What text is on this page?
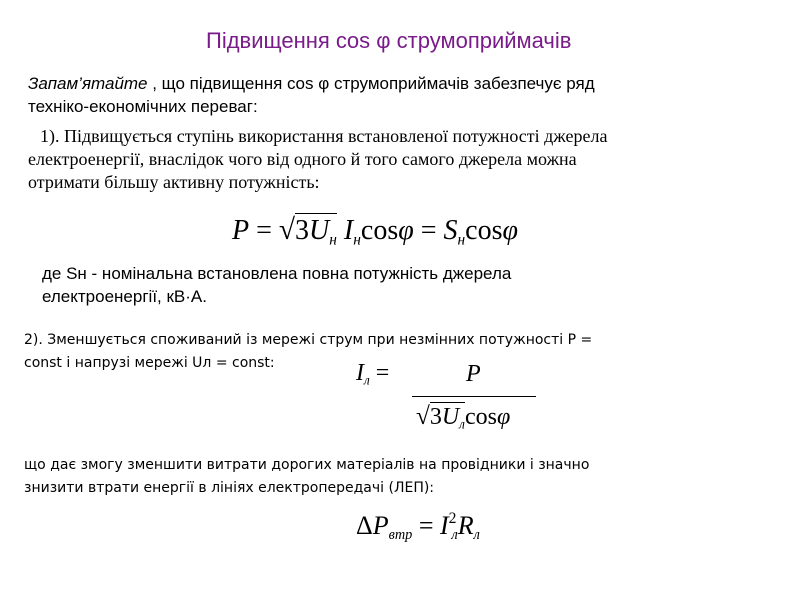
Підвищення cos φ струмоприймачів
Запам’ятайте , що підвищення cos φ струмоприймачів забезпечує ряд
техніко-економічних переваг:
1). Підвищується ступінь використання встановленої потужності джерела
електроенергії, внаслідок чого від одного й того самого джерела можна
отримати більшу активну потужність:
$P = √3U_н$ $I_н\cos\varphi = S_н\cos\varphi$
де Sн - номінальна встановлена повна потужність джерела
електроенергії, кВ·А.
2). Зменшується споживаний із мережі струм при незмінних потужності P =
const і напрузі мережі Uл = const:	$I_л$ =	P
$√3U_л\cos\varphi$
що дає змогу зменшити витрати дорогих матеріалів на провідники і значно
знизити втрати енергії в лініях електропередачі (ЛЕП):
$\Delta P_{втр} = I^2_лR_л$
